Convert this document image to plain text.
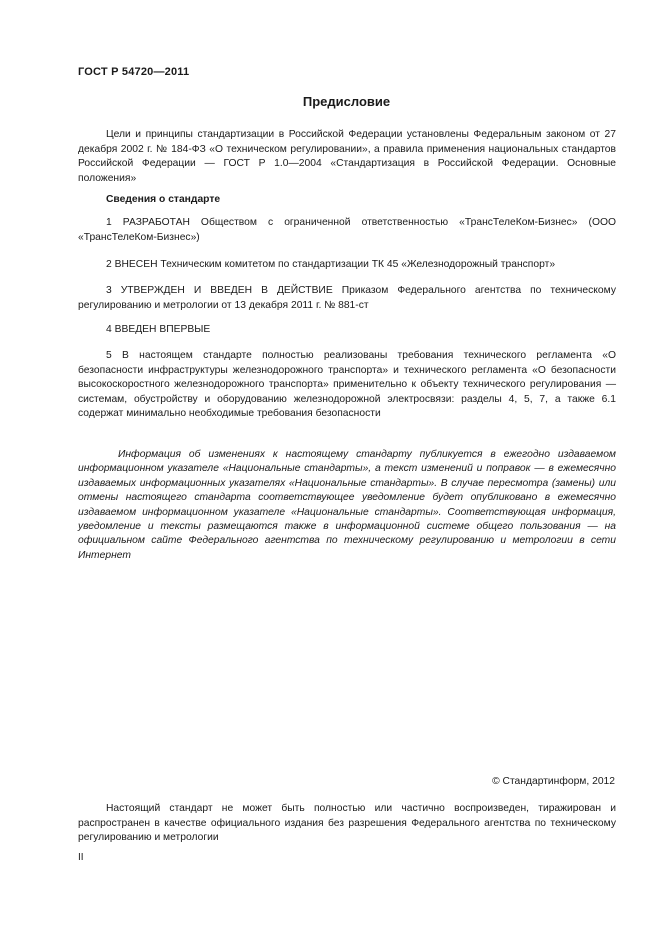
ГОСТ Р 54720—2011
Предисловие
Цели и принципы стандартизации в Российской Федерации установлены Федеральным законом от 27 декабря 2002 г. № 184-ФЗ «О техническом регулировании», а правила применения национальных стандартов Российской Федерации — ГОСТ Р 1.0—2004 «Стандартизация в Российской Федерации. Основные положения»
Сведения о стандарте
1 РАЗРАБОТАН Обществом с ограниченной ответственностью «ТрансТелеКом-Бизнес» (ООО «ТрансТелеКом-Бизнес»)
2 ВНЕСЕН Техническим комитетом по стандартизации ТК 45 «Железнодорожный транспорт»
3 УТВЕРЖДЕН И ВВЕДЕН В ДЕЙСТВИЕ Приказом Федерального агентства по техническому регулированию и метрологии от 13 декабря 2011 г. № 881-ст
4 ВВЕДЕН ВПЕРВЫЕ
5 В настоящем стандарте полностью реализованы требования технического регламента «О безопасности инфраструктуры железнодорожного транспорта» и технического регламента «О безопасности высокоскоростного железнодорожного транспорта» применительно к объекту технического регулирования — системам, обустройству и оборудованию железнодорожной электросвязи: разделы 4, 5, 7, а также 6.1 содержат минимально необходимые требования безопасности
Информация об изменениях к настоящему стандарту публикуется в ежегодно издаваемом информационном указателе «Национальные стандарты», а текст изменений и поправок — в ежемесячно издаваемых информационных указателях «Национальные стандарты». В случае пересмотра (замены) или отмены настоящего стандарта соответствующее уведомление будет опубликовано в ежемесячно издаваемом информационном указателе «Национальные стандарты». Соответствующая информация, уведомление и тексты размещаются также в информационной системе общего пользования — на официальном сайте Федерального агентства по техническому регулированию и метрологии в сети Интернет
© Стандартинформ, 2012
Настоящий стандарт не может быть полностью или частично воспроизведен, тиражирован и распространен в качестве официального издания без разрешения Федерального агентства по техническому регулированию и метрологии
II
